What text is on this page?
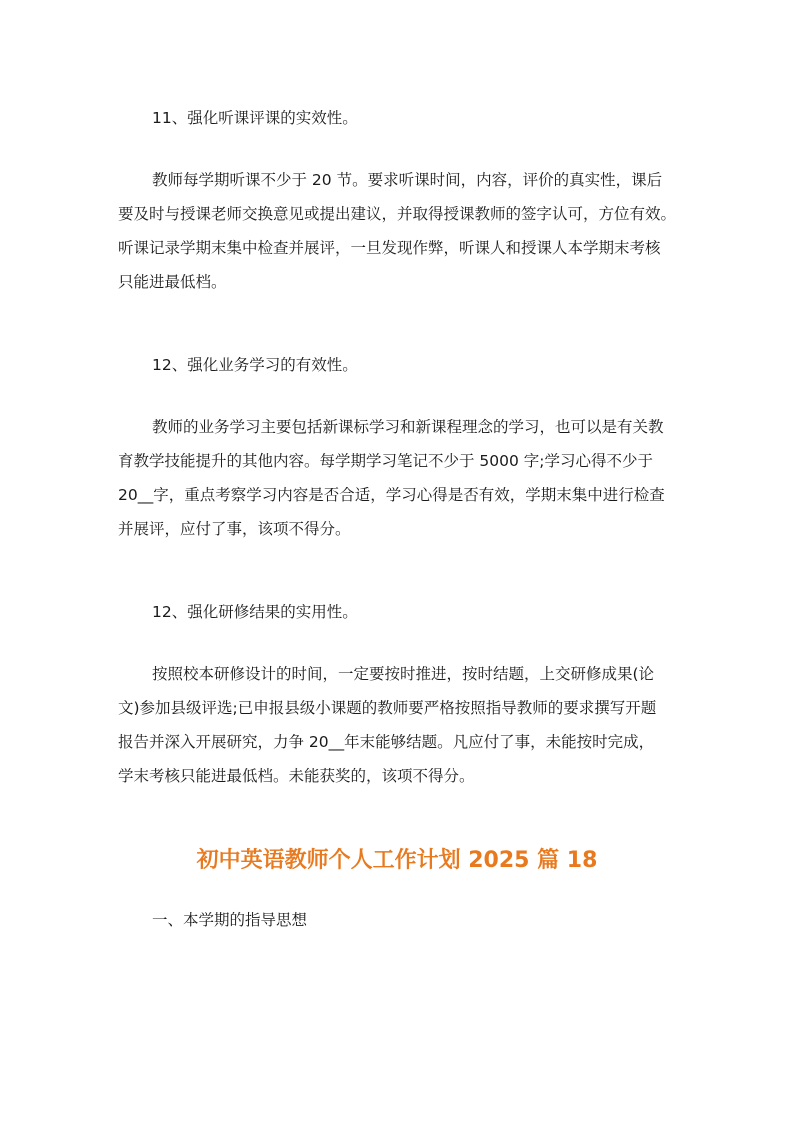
11、强化听课评课的实效性。

教师每学期听课不少于 20 节。要求听课时间，内容，评价的真实性，课后
要及时与授课老师交换意见或提出建议，并取得授课教师的签字认可，方位有效。
听课记录学期末集中检查并展评，一旦发现作弊，听课人和授课人本学期末考核
只能进最低档。

12、强化业务学习的有效性。

教师的业务学习主要包括新课标学习和新课程理念的学习，也可以是有关教
育教学技能提升的其他内容。每学期学习笔记不少于 5000 字;学习心得不少于
20__字，重点考察学习内容是否合适，学习心得是否有效，学期末集中进行检查
并展评，应付了事，该项不得分。

12、强化研修结果的实用性。

按照校本研修设计的时间，一定要按时推进，按时结题，上交研修成果(论
文)参加县级评选;已申报县级小课题的教师要严格按照指导教师的要求撰写开题
报告并深入开展研究，力争 20__年末能够结题。凡应付了事，未能按时完成，
学末考核只能进最低档。未能获奖的，该项不得分。
初中英语教师个人工作计划 2025 篇 18

一、本学期的指导思想
